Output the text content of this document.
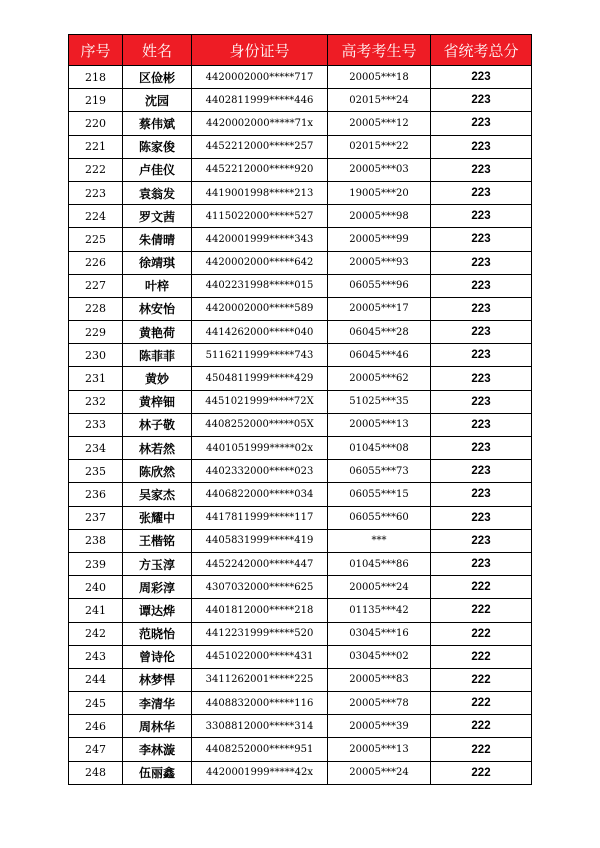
序号	姓名	身份证号	高考考生号	省统考总分
218	区俭彬	4420002000*****717	20005***18	223
219	沈园	4402811999*****446	02015***24	223
220	蔡伟斌	4420002000*****71x	20005***12	223
221	陈家俊	4452212000*****257	02015***22	223
222	卢佳仪	4452212000*****920	20005***03	223
223	袁翁发	4419001998*****213	19005***20	223
224	罗文茜	4115022000*****527	20005***98	223
225	朱倩晴	4420001999*****343	20005***99	223
226	徐靖琪	4420002000*****642	20005***93	223
227	叶梓	4402231998*****015	06055***96	223
228	林安怡	4420002000*****589	20005***17	223
229	黄艳荷	4414262000*****040	06045***28	223
230	陈菲菲	5116211999*****743	06045***46	223
231	黄妙	4504811999*****429	20005***62	223
232	黄梓钿	4451021999*****72X	51025***35	223
233	林子敬	4408252000*****05X	20005***13	223
234	林若然	4401051999*****02x	01045***08	223
235	陈欣然	4402332000*****023	06055***73	223
236	吴家杰	4406822000*****034	06055***15	223
237	张耀中	4417811999*****117	06055***60	223
238	王楷铭	4405831999*****419	***	223
239	方玉淳	4452242000*****447	01045***86	223
240	周彩淳	4307032000*****625	20005***24	222
241	谭达烨	4401812000*****218	01135***42	222
242	范晓怡	4412231999*****520	03045***16	222
243	曾诗伦	4451022000*****431	03045***02	222
244	林梦悍	3411262001*****225	20005***83	222
245	李清华	4408832000*****116	20005***78	222
246	周林华	3308812000*****314	20005***39	222
247	李林漩	4408252000*****951	20005***13	222
248	伍丽鑫	4420001999*****42x	20005***24	222
